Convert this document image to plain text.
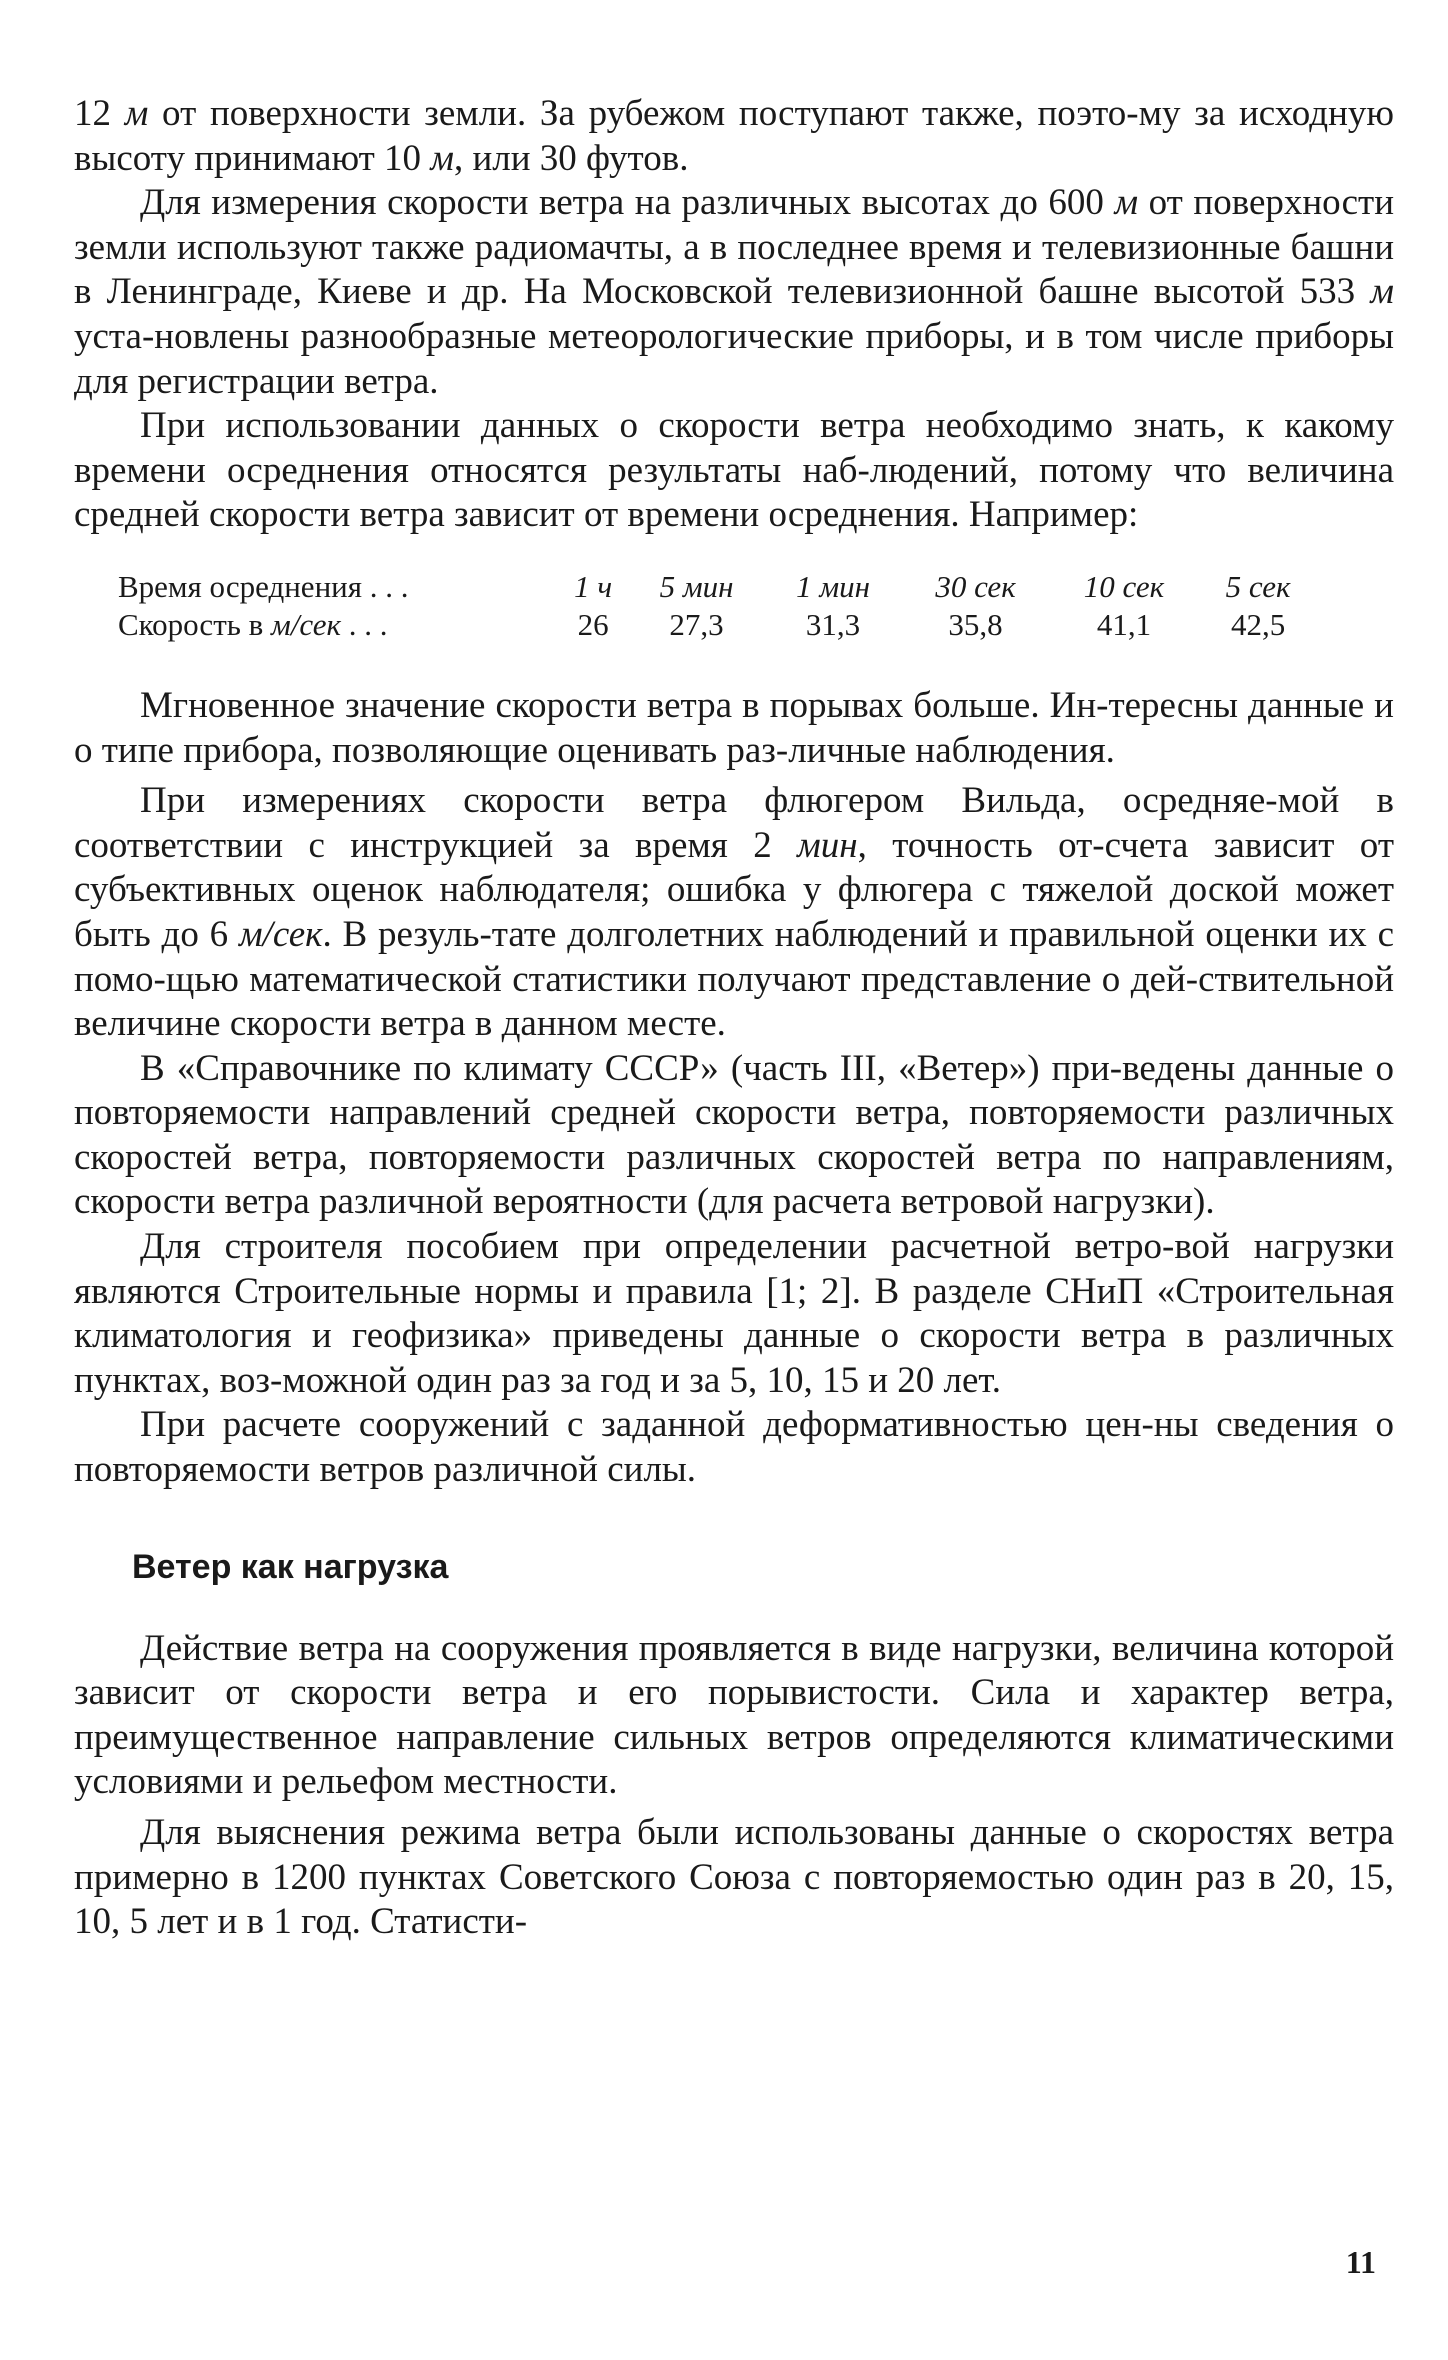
12 м от поверхности земли. За рубежом поступают также, поэто-му за исходную высоту принимают 10 м, или 30 футов.

Для измерения скорости ветра на различных высотах до 600 м от поверхности земли используют также радиомачты, а в последнее время и телевизионные башни в Ленинграде, Киеве и др. На Московской телевизионной башне высотой 533 м уста-новлены разнообразные метеорологические приборы, и в том числе приборы для регистрации ветра.

При использовании данных о скорости ветра необходимо знать, к какому времени осреднения относятся результаты наб-людений, потому что величина средней скорости ветра зависит от времени осреднения. Например:

Время осреднения . . .	1 ч	5 мин	1 мин	30 сек	10 сек	5 сек
Скорость в м/сек . . .	26	27,3	31,3	35,8	41,1	42,5

Мгновенное значение скорости ветра в порывах больше. Ин-тересны данные и о типе прибора, позволяющие оценивать раз-личные наблюдения.

При измерениях скорости ветра флюгером Вильда, осредняе-мой в соответствии с инструкцией за время 2 мин, точность от-счета зависит от субъективных оценок наблюдателя; ошибка у флюгера с тяжелой доской может быть до 6 м/сек. В резуль-тате долголетних наблюдений и правильной оценки их с помо-щью математической статистики получают представление о дей-ствительной величине скорости ветра в данном месте.

В «Справочнике по климату СССР» (часть III, «Ветер») при-ведены данные о повторяемости направлений средней скорости ветра, повторяемости различных скоростей ветра, повторяемости различных скоростей ветра по направлениям, скорости ветра различной вероятности (для расчета ветровой нагрузки).

Для строителя пособием при определении расчетной ветро-вой нагрузки являются Строительные нормы и правила [1; 2]. В разделе СНиП «Строительная климатология и геофизика» приведены данные о скорости ветра в различных пунктах, воз-можной один раз за год и за 5, 10, 15 и 20 лет.

При расчете сооружений с заданной деформативностью цен-ны сведения о повторяемости ветров различной силы.

Ветер как нагрузка

Действие ветра на сооружения проявляется в виде нагрузки, величина которой зависит от скорости ветра и его порывистости. Сила и характер ветра, преимущественное направление сильных ветров определяются климатическими условиями и рельефом местности.

Для выяснения режима ветра были использованы данные о скоростях ветра примерно в 1200 пунктах Советского Союза с повторяемостью один раз в 20, 15, 10, 5 лет и в 1 год. Статисти-

11
